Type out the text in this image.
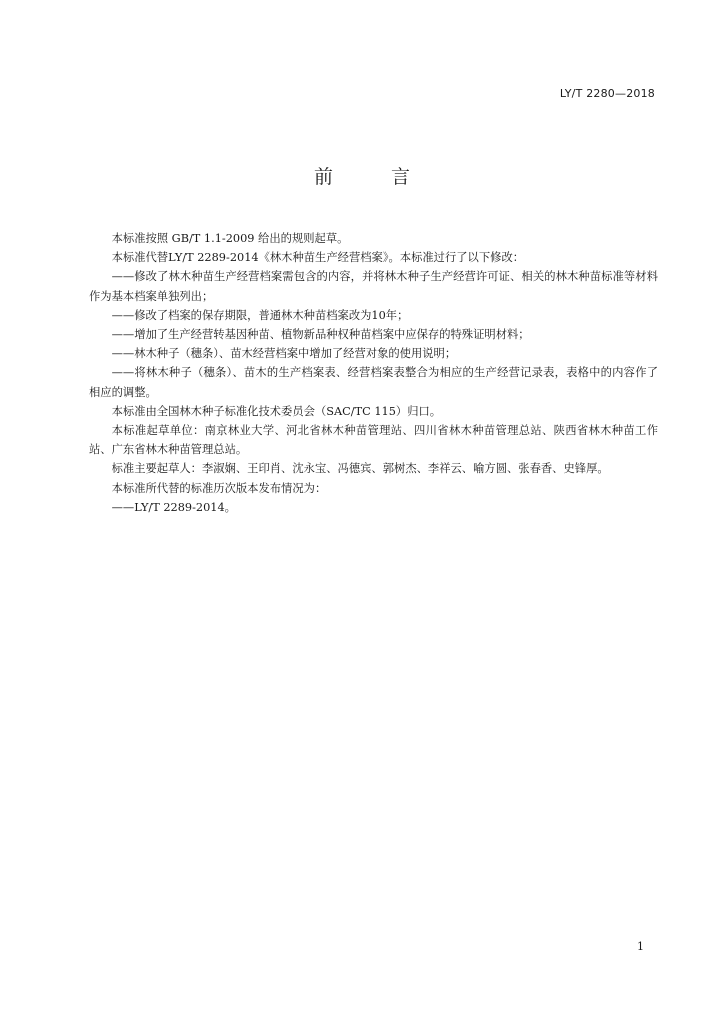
LY/T 2280—2018
前 言

本标准按照 GB/T 1.1-2009 给出的规则起草。

本标准代替LY/T 2289-2014《林木种苗生产经营档案》。本标准过行了以下修改：

——修改了林木种苗生产经营档案需包含的内容，并将林木种子生产经营许可证、相关的林木种苗标准等材料作为基本档案单独列出；

——修改了档案的保存期限，普通林木种苗档案改为10年；

——增加了生产经营转基因种苗、植物新品种权种苗档案中应保存的特殊证明材料；

——林木种子（穗条）、苗木经营档案中增加了经营对象的使用说明；

——将林木种子（穗条）、苗木的生产档案表、经营档案表整合为相应的生产经营记录表，表格中的内容作了相应的调整。

本标准由全国林木种子标准化技术委员会（SAC/TC 115）归口。

本标准起草单位：南京林业大学、河北省林木种苗管理站、四川省林木种苗管理总站、陕西省林木种苗工作站、广东省林木种苗管理总站。

标准主要起草人：李淑娴、王印肖、沈永宝、冯德宾、郭树杰、李祥云、喻方圆、张春香、史锋厚。

本标准所代替的标准历次版本发布情况为：

——LY/T 2289-2014。

1
